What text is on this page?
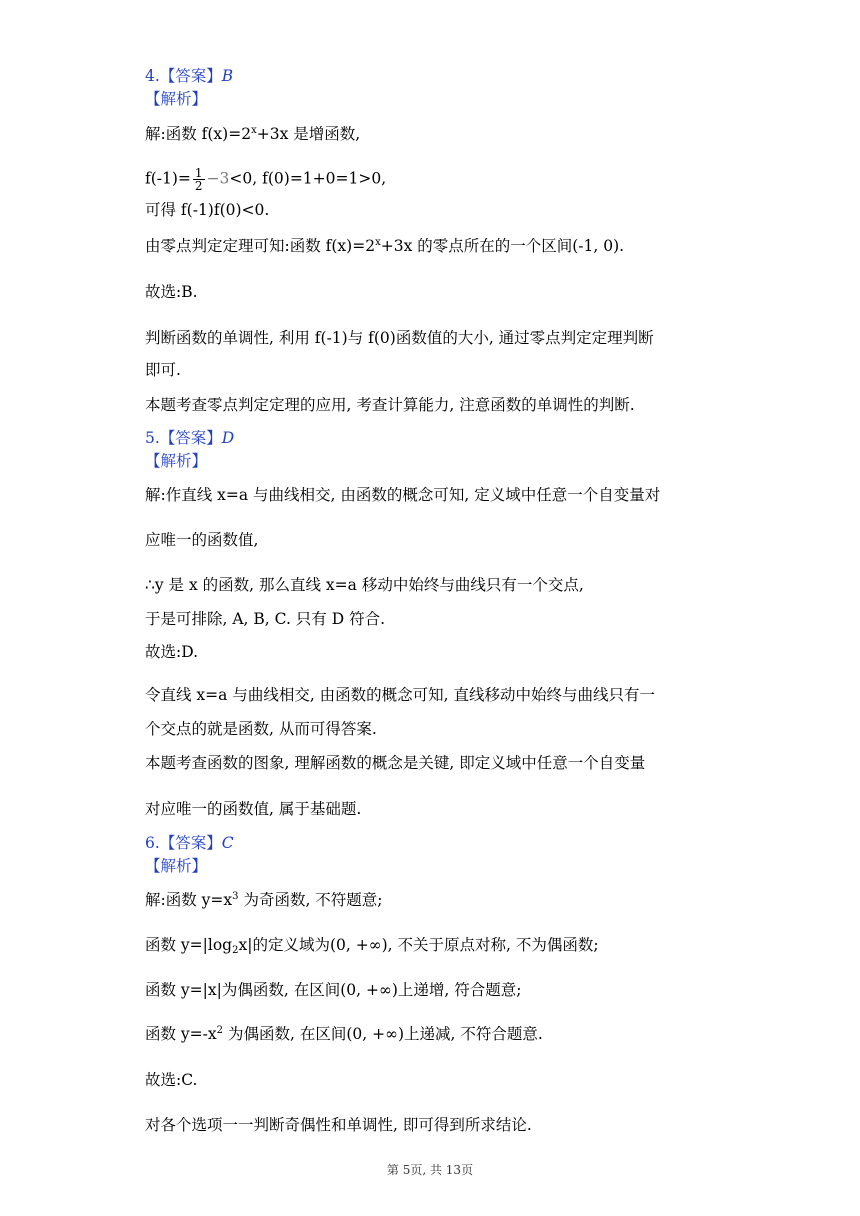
4.【答案】B
【解析】
解:函数 $f(x)=2^x+3x$ 是增函数,
$f(-1)= \frac{1}{2} -3<0$, f(0)=1+0=1>0,
可得 f(-1)f(0)<0.
由零点判定定理可知:函数 $f(x)=2^x+3x$ 的零点所在的一个区间(-1, 0).
故选:B.
判断函数的单调性, 利用 f(-1)与 f(0)函数值的大小, 通过零点判定定理判断
即可.
本题考查零点判定定理的应用, 考查计算能力, 注意函数的单调性的判断.
5.【答案】D
【解析】
解:作直线 x=a 与曲线相交, 由函数的概念可知, 定义域中任意一个自变量对
应唯一的函数值,
∴y 是 x 的函数, 那么直线 x=a 移动中始终与曲线只有一个交点,
于是可排除, A, B, C. 只有 D 符合.
故选:D.
令直线 x=a 与曲线相交, 由函数的概念可知, 直线移动中始终与曲线只有一
个交点的就是函数, 从而可得答案.
本题考查函数的图象, 理解函数的概念是关键, 即定义域中任意一个自变量
对应唯一的函数值, 属于基础题.
6.【答案】C
【解析】
解:函数 $y=x^3$ 为奇函数, 不符题意;
函数 $y=|\log_2x|$的定义域为(0, +∞), 不关于原点对称, 不为偶函数;
函数 y=|x|为偶函数, 在区间(0, +∞)上递增, 符合题意;
函数 $y=-x^2$ 为偶函数, 在区间(0, +∞)上递减, 不符合题意.
故选:C.
对各个选项一一判断奇偶性和单调性, 即可得到所求结论.
第 5页, 共 13页
